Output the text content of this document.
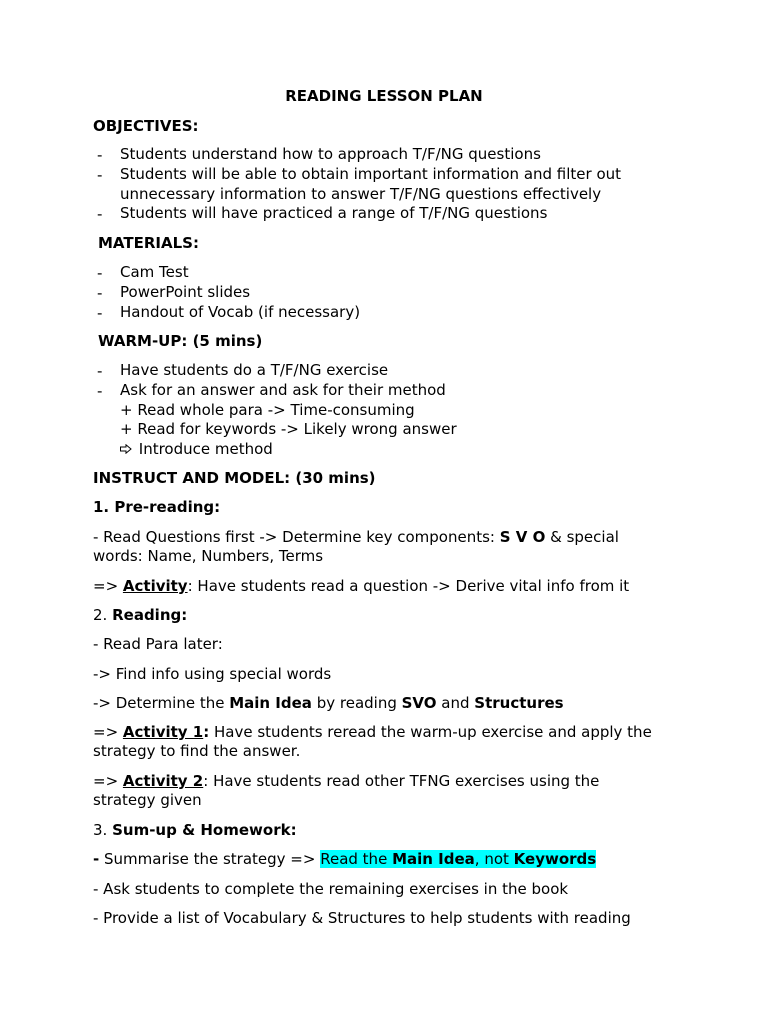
READING LESSON PLAN
OBJECTIVES:
- Students understand how to approach T/F/NG questions
- Students will be able to obtain important information and filter out
unnecessary information to answer T/F/NG questions effectively
- Students will have practiced a range of T/F/NG questions
MATERIALS:
- Cam Test
- PowerPoint slides
- Handout of Vocab (if necessary)
WARM-UP: (5 mins)
- Have students do a T/F/NG exercise
- Ask for an answer and ask for their method
+ Read whole para -> Time-consuming
+ Read for keywords -> Likely wrong answer
Introduce method
INSTRUCT AND MODEL: (30 mins)
1. Pre-reading:
- Read Questions first -> Determine key components: S V O & special
words: Name, Numbers, Terms
=> Activity: Have students read a question -> Derive vital info from it
2. Reading:
- Read Para later:
-> Find info using special words
-> Determine the Main Idea by reading SVO and Structures
=> Activity 1: Have students reread the warm-up exercise and apply the
strategy to find the answer.
=> Activity 2: Have students read other TFNG exercises using the
strategy given
3. Sum-up & Homework:
- Summarise the strategy => Read the Main Idea, not Keywords
- Ask students to complete the remaining exercises in the book
- Provide a list of Vocabulary & Structures to help students with reading
